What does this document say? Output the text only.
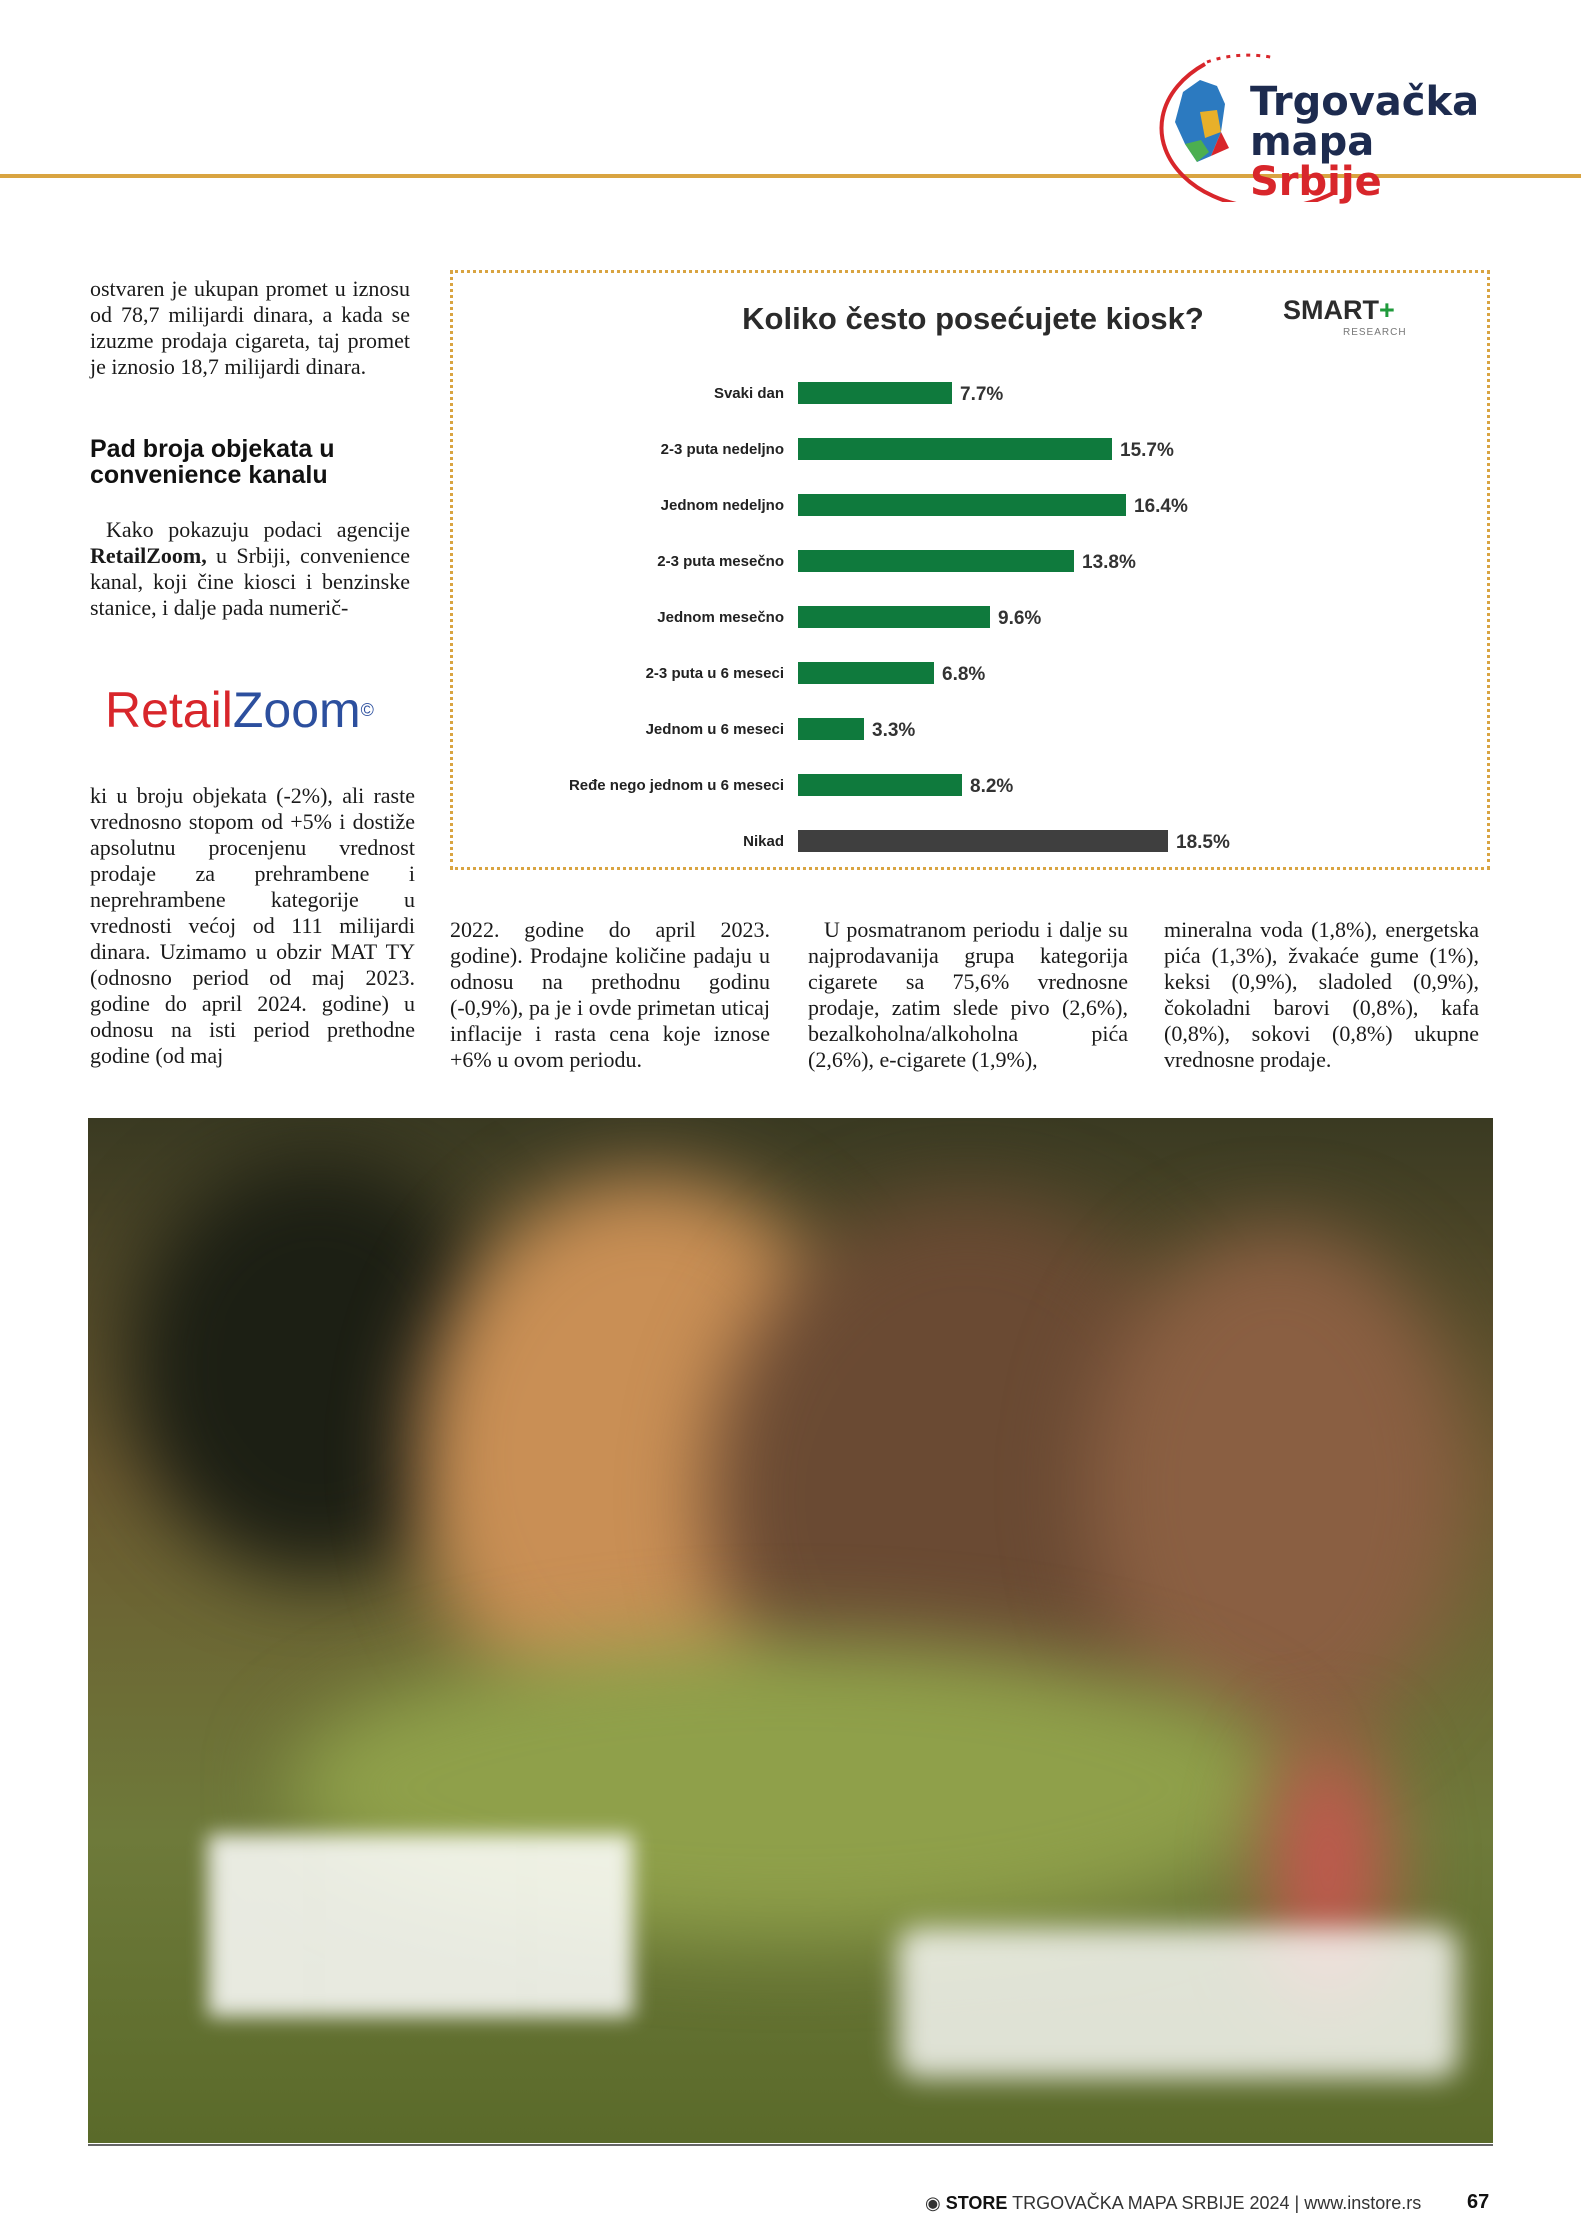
Trgovačka
mapa Srbije

ostvaren je ukupan promet u iznosu od 78,7 milijardi dinara, a kada se izuzme prodaja cigareta, taj promet je iznosio 18,7 milijardi dinara.

Pad broja objekata u convenience kanalu

Kako pokazuju podaci agencije RetailZoom, u Srbiji, convenience kanal, koji čine kiosci i benzinske stanice, i dalje pada numerič-

RetailZoom©

ki u broju objekata (-2%), ali raste vrednosno stopom od +5% i dostiže apsolutnu procenjenu vrednost prodaje za prehrambene i neprehrambene kategorije u vrednosti većoj od 111 milijardi dinara. Uzimamo u obzir MAT TY (odnosno period od maj 2023. godine do april 2024. godine) u odnosu na isti period prethodne godine (od maj

Koliko često posećujete kiosk?	SMART+
RESEARCH
Svaki dan	7.7%
2-3 puta nedeljno	15.7%
Jednom nedeljno	16.4%
2-3 puta mesečno	13.8%
Jednom mesečno	9.6%
2-3 puta u 6 meseci	6.8%
Jednom u 6 meseci	3.3%
Ređe nego jednom u 6 meseci	8.2%
Nikad	18.5%

2022. godine do april 2023. godine). Prodajne količine padaju u odnosu na prethodnu godinu (-0,9%), pa je i ovde primetan uticaj inflacije i rasta cena koje iznose +6% u ovom periodu.

U posmatranom periodu i dalje su najprodavanija grupa kategorija cigarete sa 75,6% vrednosne prodaje, zatim slede pivo (2,6%), bezalkoholna/alkoholna pića (2,6%), e-cigarete (1,9%),

mineralna voda (1,8%), energetska pića (1,3%), žvakaće gume (1%), keksi (0,9%), sladoled (0,9%), čokoladni barovi (0,8%), kafa (0,8%), sokovi (0,8%) ukupne vrednosne prodaje.

████
◉ STORE TRGOVAČKA MAPA SRBIJE 2024 | www.instore.rs 67
